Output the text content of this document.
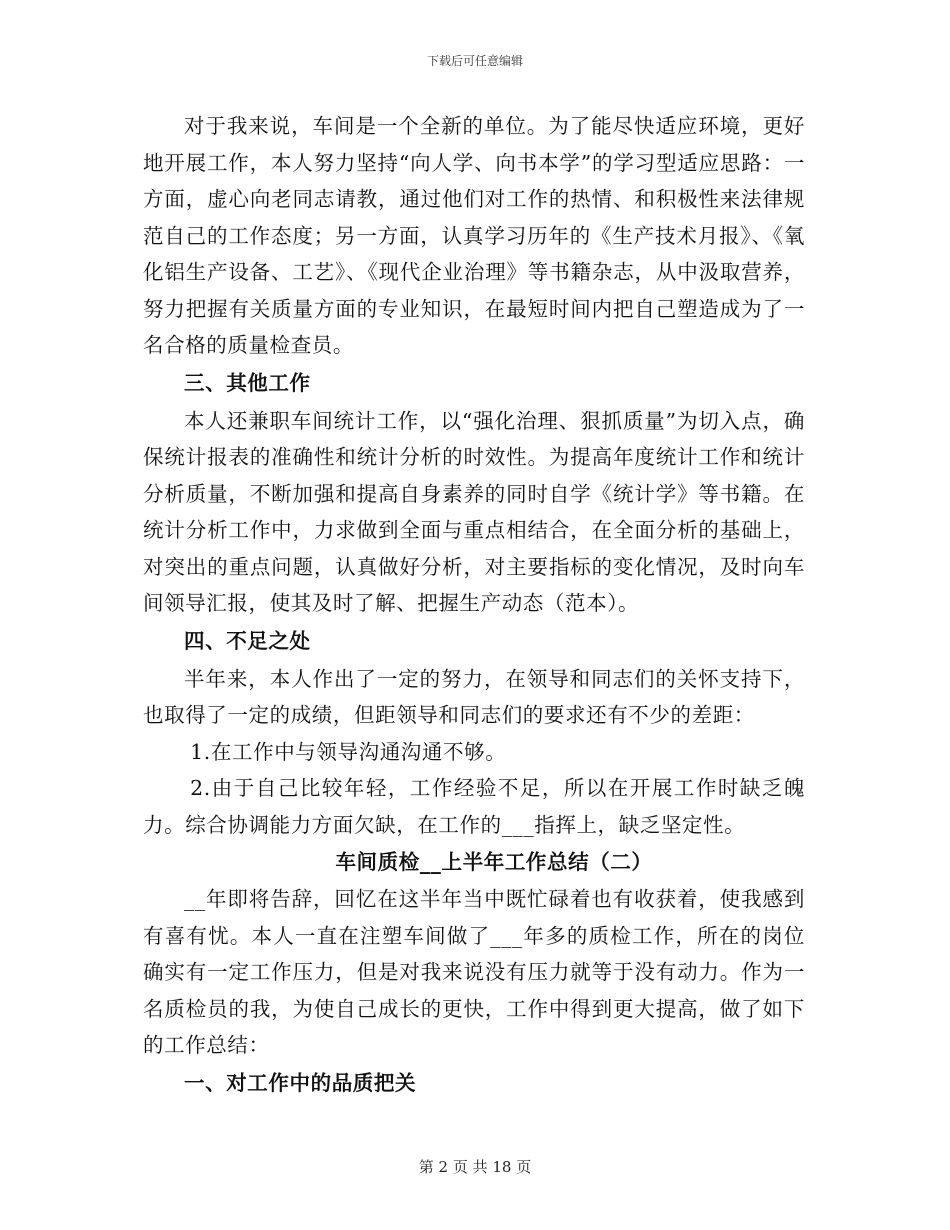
下载后可任意编辑

对于我来说，车间是一个全新的单位。为了能尽快适应环境，更好地开展工作，本人努力坚持“向人学、向书本学”的学习型适应思路：一方面，虚心向老同志请教，通过他们对工作的热情、和积极性来法律规范自己的工作态度；另一方面，认真学习历年的《生产技术月报》、《氧化铝生产设备、工艺》、《现代企业治理》等书籍杂志，从中汲取营养，努力把握有关质量方面的专业知识，在最短时间内把自己塑造成为了一名合格的质量检查员。

三、其他工作

本人还兼职车间统计工作，以“强化治理、狠抓质量”为切入点，确保统计报表的准确性和统计分析的时效性。为提高年度统计工作和统计分析质量，不断加强和提高自身素养的同时自学《统计学》等书籍。在统计分析工作中，力求做到全面与重点相结合，在全面分析的基础上，对突出的重点问题，认真做好分析，对主要指标的变化情况，及时向车间领导汇报，使其及时了解、把握生产动态（范本）。

四、不足之处

半年来，本人作出了一定的努力，在领导和同志们的关怀支持下，也取得了一定的成绩，但距领导和同志们的要求还有不少的差距：

1.在工作中与领导沟通沟通不够。

2.由于自己比较年轻，工作经验不足，所以在开展工作时缺乏魄力。综合协调能力方面欠缺，在工作的___指挥上，缺乏坚定性。

车间质检__上半年工作总结（二）

__年即将告辞，回忆在这半年当中既忙碌着也有收获着，使我感到有喜有忧。本人一直在注塑车间做了___年多的质检工作，所在的岗位确实有一定工作压力，但是对我来说没有压力就等于没有动力。作为一名质检员的我，为使自己成长的更快，工作中得到更大提高，做了如下的工作总结：

一、对工作中的品质把关

第 2 页 共 18 页
